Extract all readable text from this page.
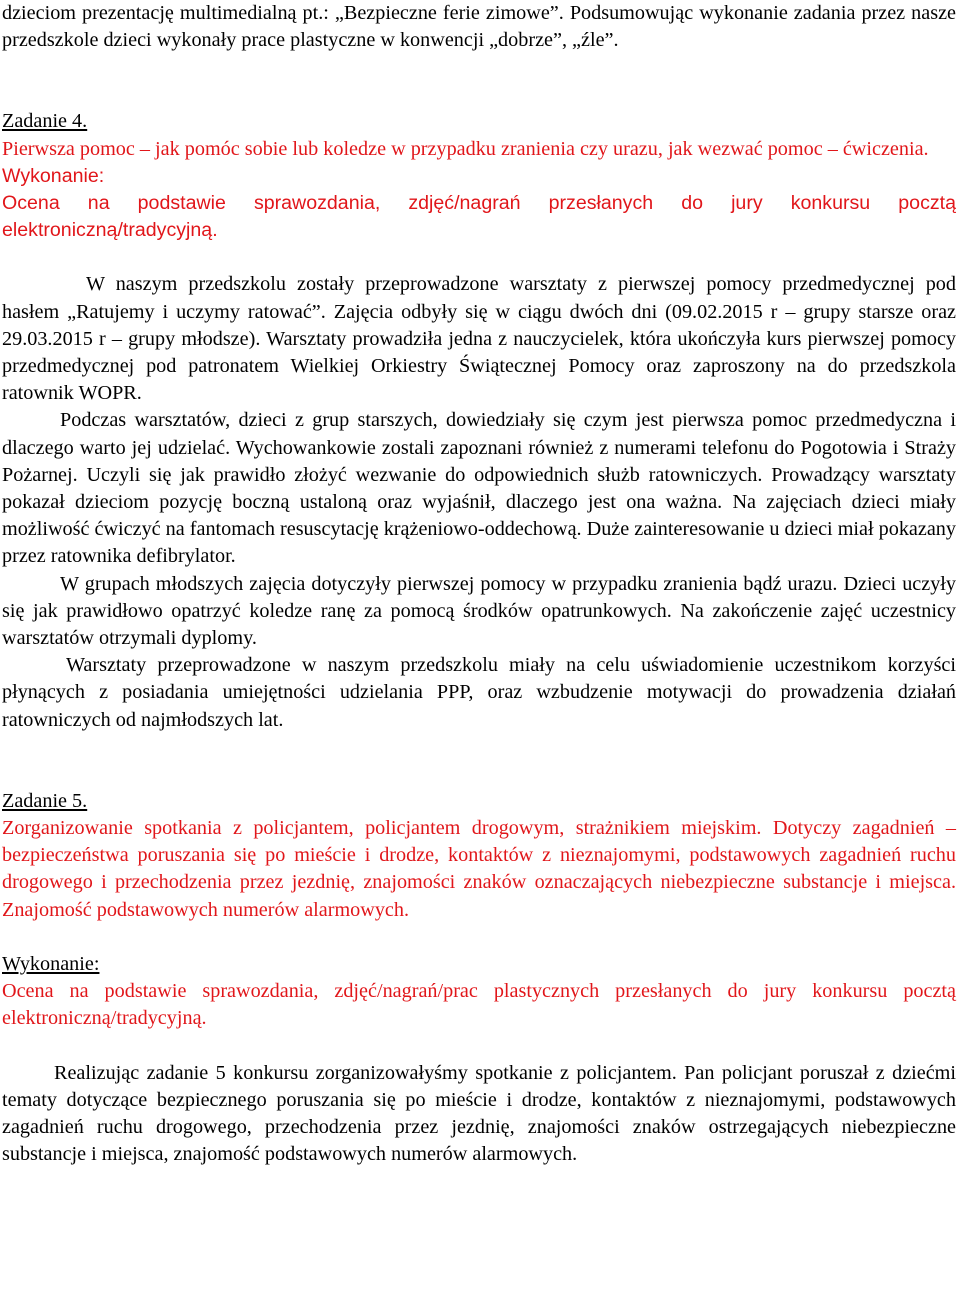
dzieciom prezentację multimedialną pt.: „Bezpieczne ferie zimowe”. Podsumowując wykonanie zadania przez nasze przedszkole dzieci wykonały prace plastyczne w konwencji „dobrze”, „źle”.

Zadanie 4.

Pierwsza pomoc – jak pomóc sobie lub koledze w przypadku zranienia czy urazu, jak wezwać pomoc – ćwiczenia.

Wykonanie:

Ocena na podstawie sprawozdania, zdjęć/nagrań przesłanych do jury konkursu pocztą elektroniczną/tradycyjną.

W naszym przedszkolu zostały przeprowadzone warsztaty z pierwszej pomocy przedmedycznej pod hasłem „Ratujemy i uczymy ratować”. Zajęcia odbyły się w ciągu dwóch dni (09.02.2015 r – grupy starsze oraz 29.03.2015 r – grupy młodsze). Warsztaty prowadziła jedna z nauczycielek, która ukończyła kurs pierwszej pomocy przedmedycznej pod patronatem Wielkiej Orkiestry Świątecznej Pomocy oraz zaproszony na do przedszkola ratownik WOPR.

Podczas warsztatów, dzieci z grup starszych, dowiedziały się czym jest pierwsza pomoc przedmedyczna i dlaczego warto jej udzielać. Wychowankowie zostali zapoznani również z numerami telefonu do Pogotowia i Straży Pożarnej. Uczyli się jak prawidło złożyć wezwanie do odpowiednich służb ratowniczych. Prowadzący warsztaty pokazał dzieciom pozycję boczną ustaloną oraz wyjaśnił, dlaczego jest ona ważna. Na zajęciach dzieci miały możliwość ćwiczyć na fantomach resuscytację krążeniowo-oddechową. Duże zainteresowanie u dzieci miał pokazany przez ratownika defibrylator.

W grupach młodszych zajęcia dotyczyły pierwszej pomocy w przypadku zranienia bądź urazu. Dzieci uczyły się jak prawidłowo opatrzyć koledze ranę za pomocą środków opatrunkowych. Na zakończenie zajęć uczestnicy warsztatów otrzymali dyplomy.

Warsztaty przeprowadzone w naszym przedszkolu miały na celu uświadomienie uczestnikom korzyści płynących z posiadania umiejętności udzielania PPP, oraz wzbudzenie motywacji do prowadzenia działań ratowniczych od najmłodszych lat.

Zadanie 5.

Zorganizowanie spotkania z policjantem, policjantem drogowym, strażnikiem miejskim. Dotyczy zagadnień – bezpieczeństwa poruszania się po mieście i drodze, kontaktów z nieznajomymi, podstawowych zagadnień ruchu drogowego i przechodzenia przez jezdnię, znajomości znaków oznaczających niebezpieczne substancje i miejsca. Znajomość podstawowych numerów alarmowych.

Wykonanie:

Ocena na podstawie sprawozdania, zdjęć/nagrań/prac plastycznych przesłanych do jury konkursu pocztą elektroniczną/tradycyjną.

Realizując zadanie 5 konkursu zorganizowałyśmy spotkanie z policjantem. Pan policjant poruszał z dziećmi tematy dotyczące bezpiecznego poruszania się po mieście i drodze, kontaktów z nieznajomymi, podstawowych zagadnień ruchu drogowego, przechodzenia przez jezdnię, znajomości znaków ostrzegających niebezpieczne substancje i miejsca, znajomość podstawowych numerów alarmowych.
